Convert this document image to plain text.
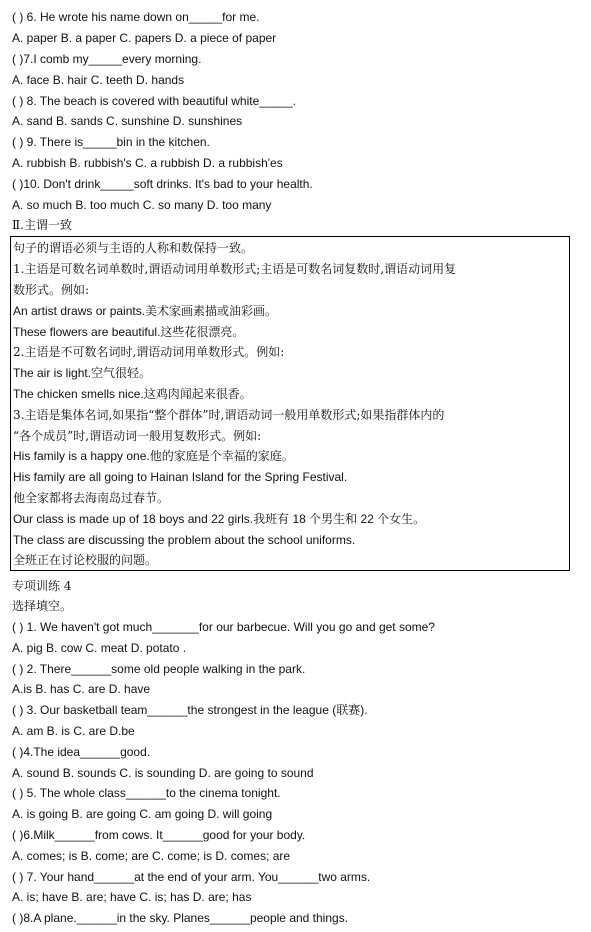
( ) 6. He wrote his name down on_____for me.
A. paper B. a paper C. papers D. a piece of paper
( )7.I comb my_____every morning.
A. face B. hair C. teeth D. hands
( ) 8. The beach is covered with beautiful white_____.
A. sand B. sands C. sunshine D. sunshines
( ) 9. There is_____bin in the kitchen.
A. rubbish B. rubbish's C. a rubbish D. a rubbish'es
( )10. Don't drink_____soft drinks. It's bad to your health.
A. so much B. too much C. so many D. too many
Ⅱ.主谓一致
句子的谓语必须与主语的人称和数保持一致。
1.主语是可数名词单数时,谓语动词用单数形式;主语是可数名词复数时,谓语动词用复
数形式。例如:
An artist draws or paints.美术家画素描或油彩画。
These flowers are beautiful.这些花很漂亮。
2.主语是不可数名词时,谓语动词用单数形式。例如:
The air is light.空气很轻。
The chicken smells nice.这鸡肉闻起来很香。
3.主语是集体名词,如果指“整个群体”时,谓语动词一般用单数形式;如果指群体内的
“各个成员”时,谓语动词一般用复数形式。例如:
His family is a happy one.他的家庭是个幸福的家庭。
His family are all going to Hainan Island for the Spring Festival.
他全家都将去海南岛过春节。
Our class is made up of 18 boys and 22 girls.我班有 18 个男生和 22 个女生。
The class are discussing the problem about the school uniforms.
全班正在讨论校服的问题。
专项训练 4
选择填空。
( ) 1. We haven't got much_______for our barbecue. Will you go and get some?
A. pig B. cow C. meat D. potato .
( ) 2. There______some old people walking in the park.
A.is B. has C. are D. have
( ) 3. Our basketball team______the strongest in the league (联赛).
A. am B. is C. are D.be
( )4.The idea______good.
A. sound B. sounds C. is sounding D. are going to sound
( ) 5. The whole class______to the cinema tonight.
A. is going B. are going C. am going D. will going
( )6.Milk______from cows. It______good for your body.
A. comes; is B. come; are C. come; is D. comes; are
( ) 7. Your hand______at the end of your arm. You______two arms.
A. is; have B. are; have C. is; has D. are; has
( )8.A plane.______in the sky. Planes______people and things.
